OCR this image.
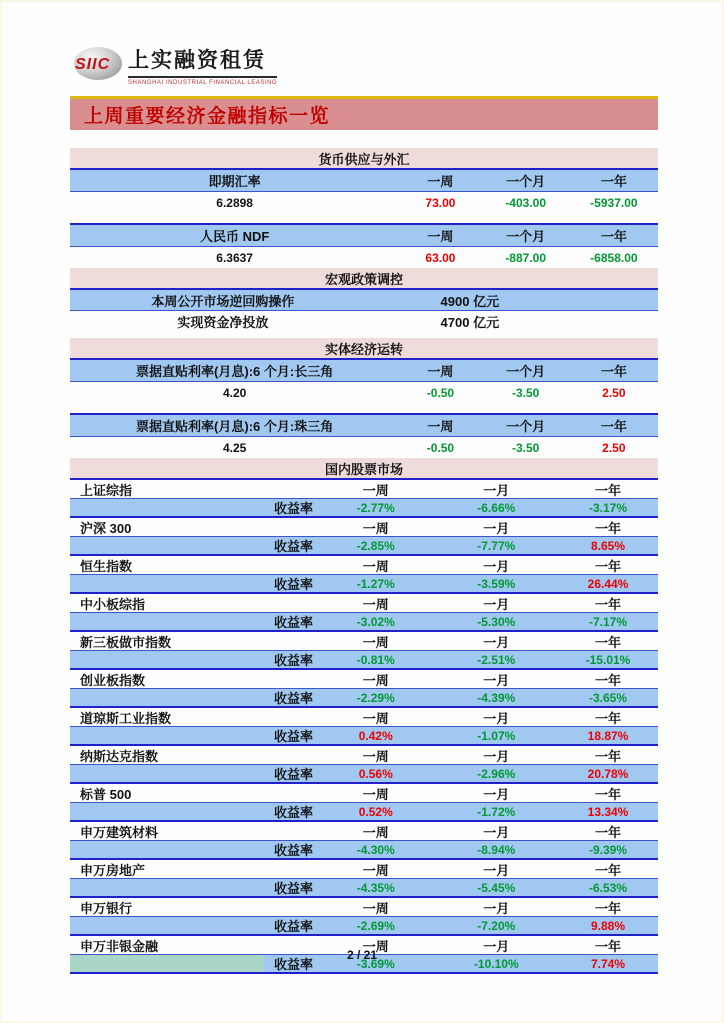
SIIC 上实融资租赁
SHANGHAI INDUSTRIAL FINANCIAL LEASING
上周重要经济金融指标一览
货币供应与外汇
即期汇率	一周	一个月	一年
6.2898	73.00	-403.00	-5937.00
人民币 NDF	一周	一个月	一年
6.3637	63.00	-887.00	-6858.00
宏观政策调控
本周公开市场逆回购操作	4900 亿元
实现资金净投放	4700 亿元
实体经济运转
票据直贴利率(月息):6 个月:长三角	一周	一个月	一年
4.20	-0.50	-3.50	2.50
票据直贴利率(月息):6 个月:珠三角	一周	一个月	一年
4.25	-0.50	-3.50	2.50
国内股票市场
上证综指	一周	一月	一年
收益率	-2.77%	-6.66%	-3.17%
沪深 300	一周	一月	一年
收益率	-2.85%	-7.77%	8.65%
恒生指数	一周	一月	一年
收益率	-1.27%	-3.59%	26.44%
中小板综指	一周	一月	一年
收益率	-3.02%	-5.30%	-7.17%
新三板做市指数	一周	一月	一年
收益率	-0.81%	-2.51%	-15.01%
创业板指数	一周	一月	一年
收益率	-2.29%	-4.39%	-3.65%
道琼斯工业指数	一周	一月	一年
收益率	0.42%	-1.07%	18.87%
纳斯达克指数	一周	一月	一年
收益率	0.56%	-2.96%	20.78%
标普 500	一周	一月	一年
收益率	0.52%	-1.72%	13.34%
申万建筑材料	一周	一月	一年
收益率	-4.30%	-8.94%	-9.39%
申万房地产	一周	一月	一年
收益率	-4.35%	-5.45%	-6.53%
申万银行	一周	一月	一年
收益率	-2.69%	-7.20%	9.88%
申万非银金融	一周	一月	一年
收益率	-3.69%	-10.10%	7.74%
2 / 21
